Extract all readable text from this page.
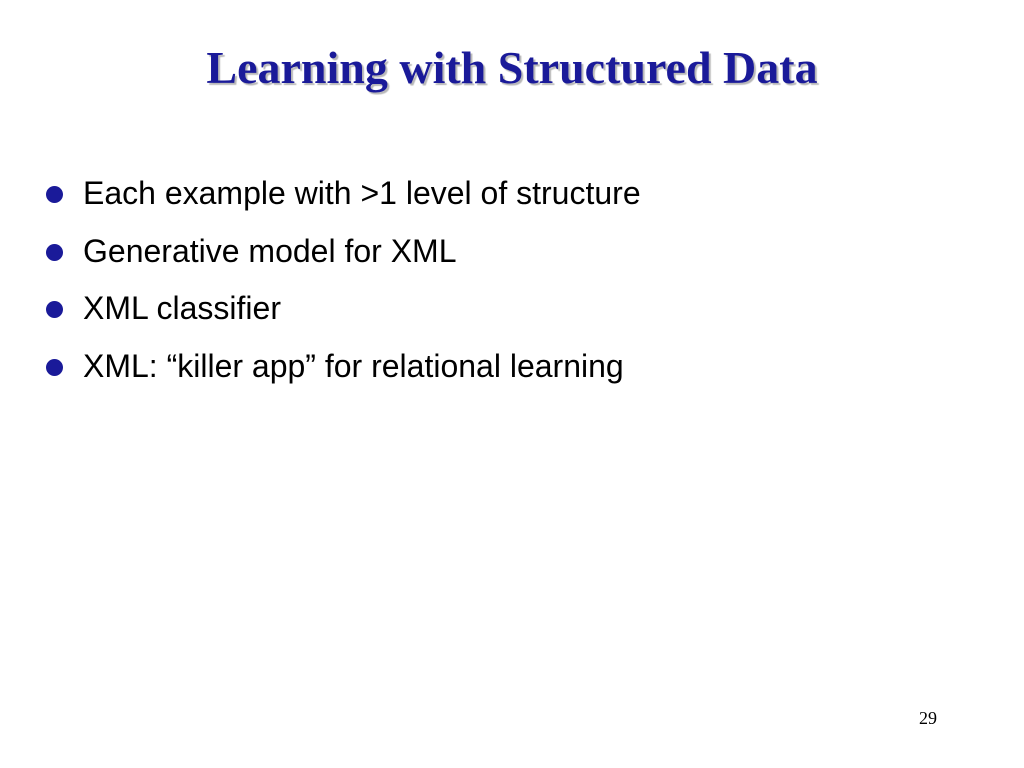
Learning with Structured Data
Each example with >1 level of structure
Generative model for XML
XML classifier
XML: “killer app” for relational learning
29
